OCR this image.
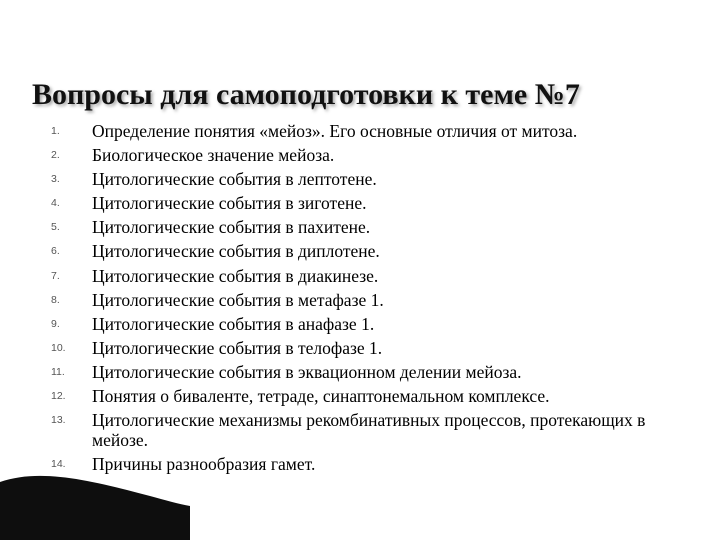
Вопросы для самоподготовки к теме №7
1. Определение понятия «мейоз». Его основные отличия от митоза.
2. Биологическое значение мейоза.
3. Цитологические события в лептотене.
4. Цитологические события в зиготене.
5. Цитологические события в пахитене.
6. Цитологические события в диплотене.
7. Цитологические события в диакинезе.
8. Цитологические события в метафазе 1.
9. Цитологические события в анафазе 1.
10. Цитологические события в телофазе 1.
11. Цитологические события в эквационном делении мейоза.
12. Понятия о биваленте, тетраде, синаптонемальном комплексе.
13. Цитологические механизмы рекомбинативных процессов, протекающих в мейозе.
14. Причины разнообразия гамет.
